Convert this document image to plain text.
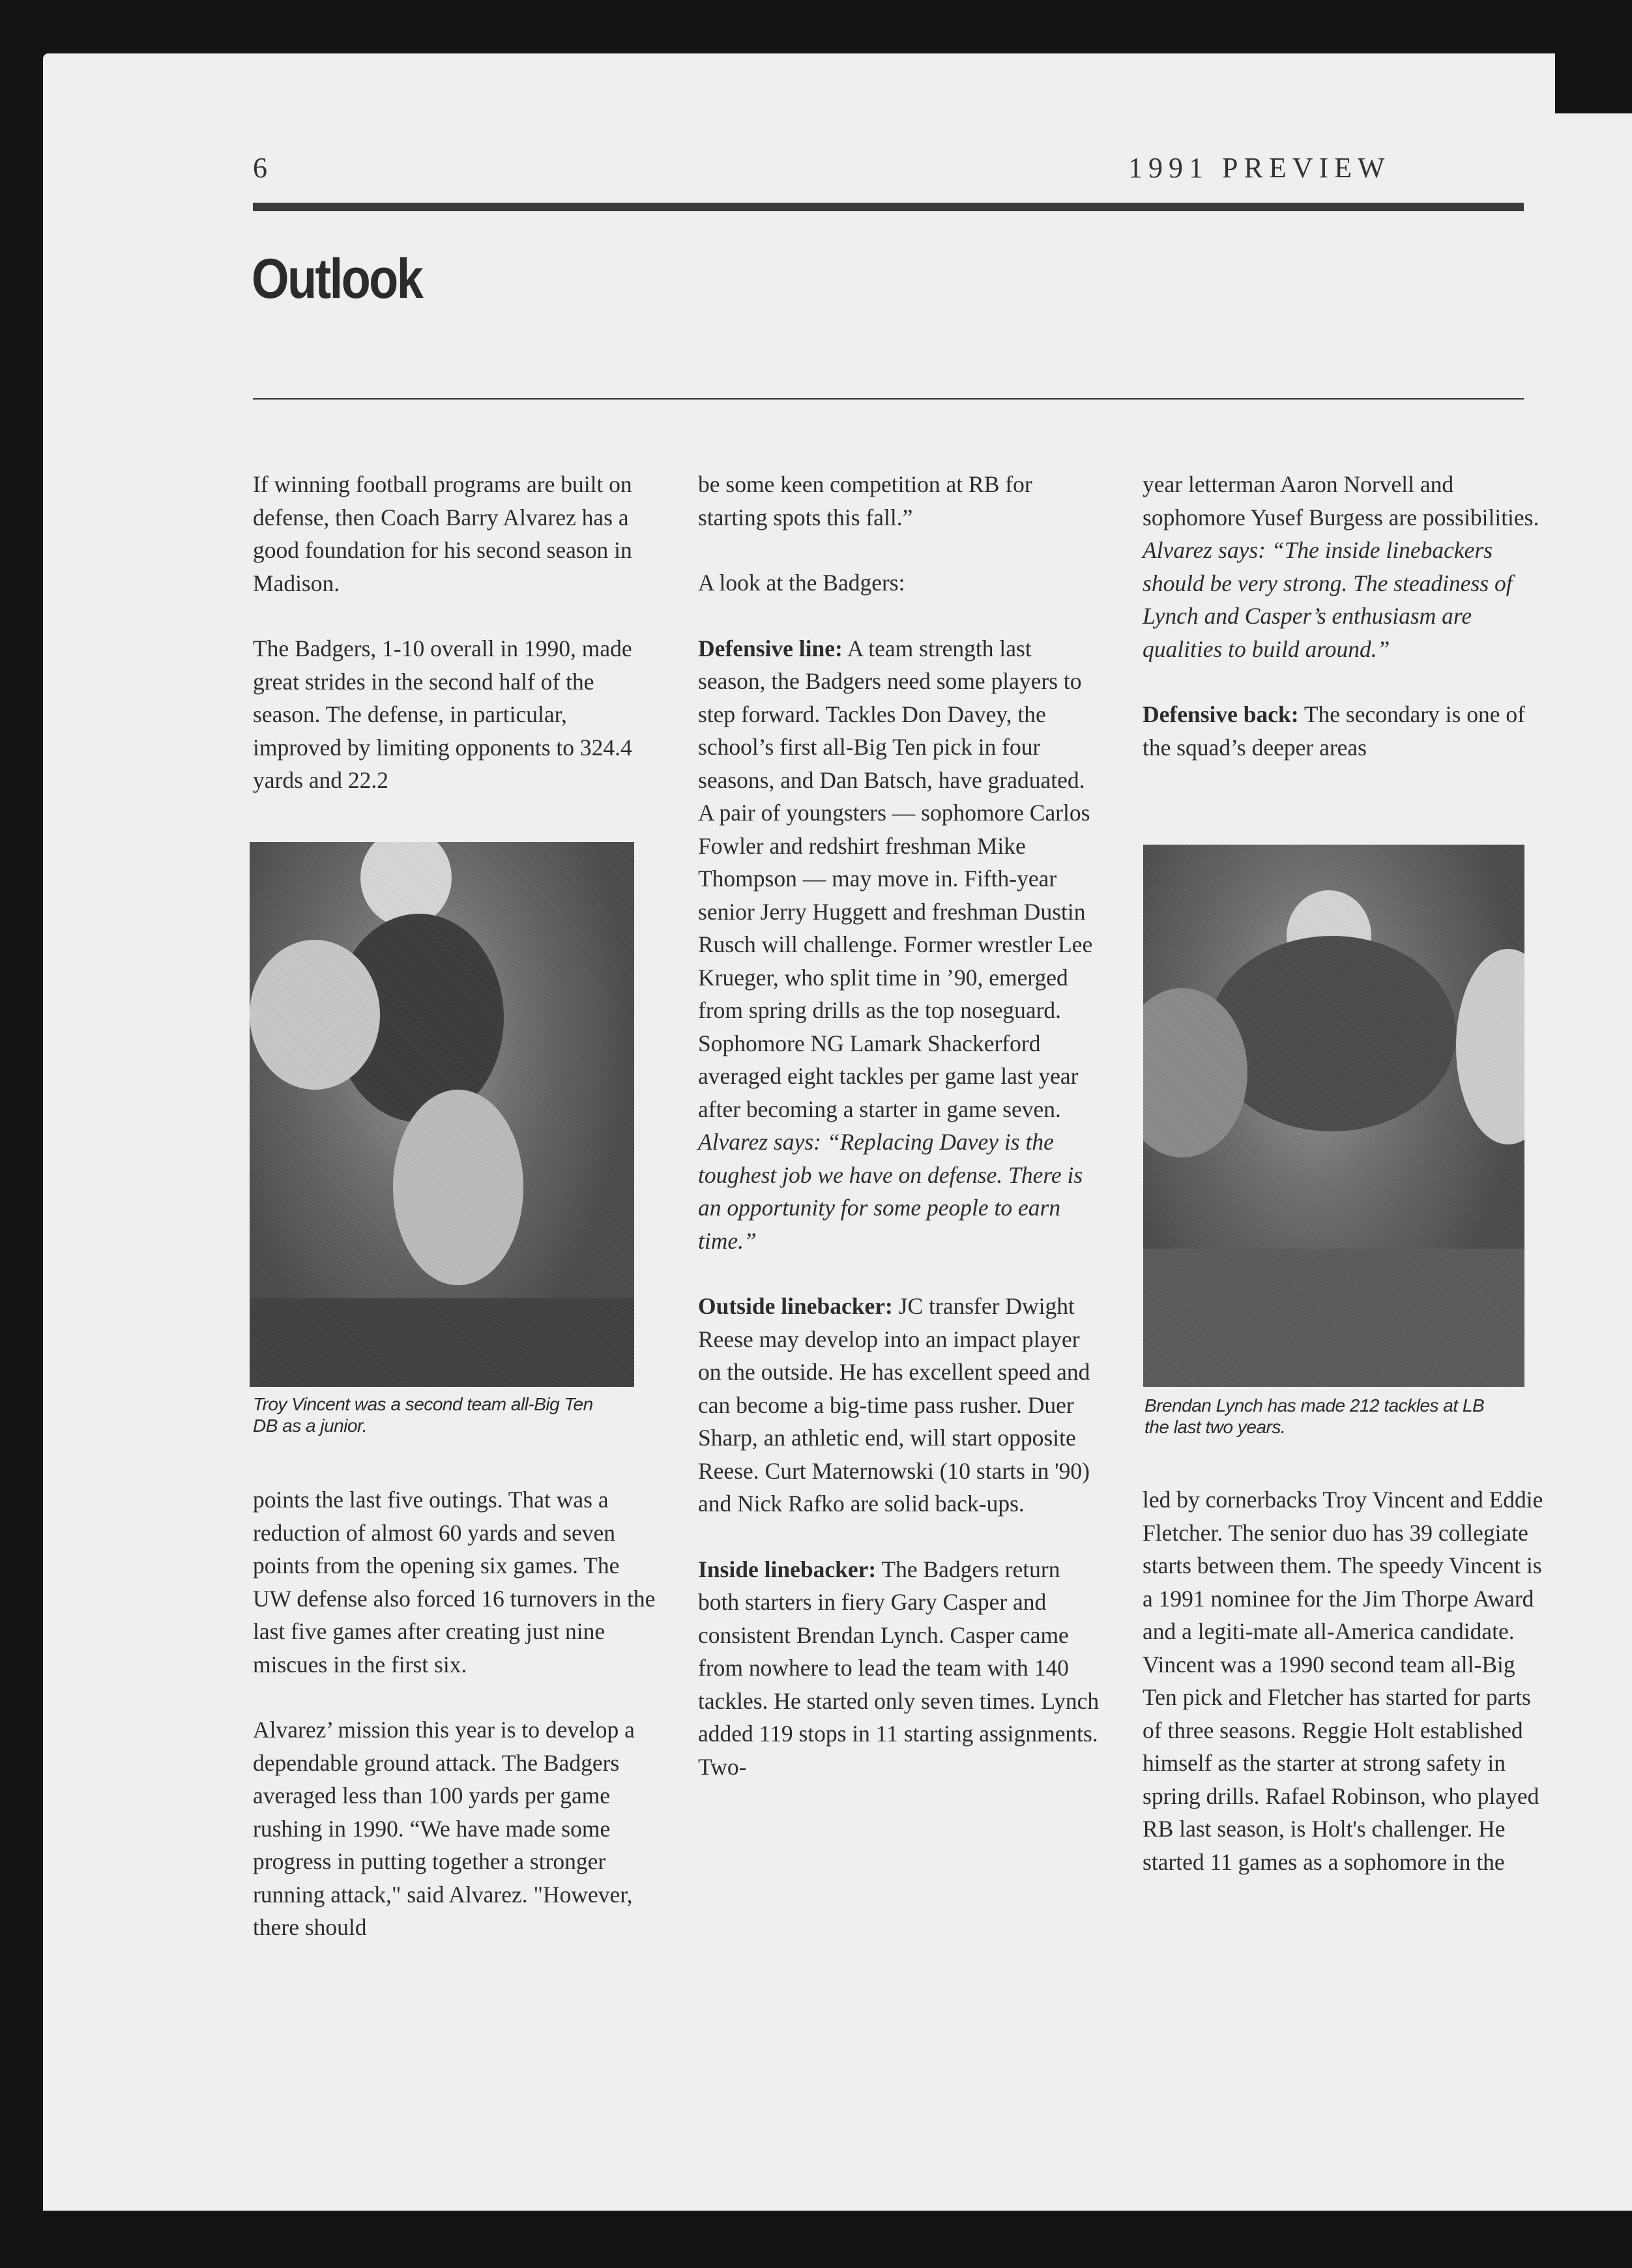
6	1991 PREVIEW
Outlook

If winning football programs are built on defense, then Coach Barry Alvarez has a good foundation for his second season in Madison.

The Badgers, 1-10 overall in 1990, made great strides in the second half of the season. The defense, in particular, improved by limiting opponents to 324.4 yards and 22.2

Troy Vincent was a second team all-Big Ten DB as a junior.

points the last five outings. That was a reduction of almost 60 yards and seven points from the opening six games. The UW defense also forced 16 turnovers in the last five games after creating just nine miscues in the first six.

Alvarez’ mission this year is to develop a dependable ground attack. The Badgers averaged less than 100 yards per game rushing in 1990. “We have made some progress in putting together a stronger running attack," said Alvarez. "However, there should

be some keen competition at RB for starting spots this fall.”

A look at the Badgers:

Defensive line: A team strength last season, the Badgers need some players to step forward. Tackles Don Davey, the school’s first all-Big Ten pick in four seasons, and Dan Batsch, have graduated. A pair of youngsters — sophomore Carlos Fowler and redshirt freshman Mike Thompson — may move in. Fifth-year senior Jerry Huggett and freshman Dustin Rusch will challenge. Former wrestler Lee Krueger, who split time in ’90, emerged from spring drills as the top noseguard. Sophomore NG Lamark Shackerford averaged eight tackles per game last year after becoming a starter in game seven. Alvarez says: “Replacing Davey is the toughest job we have on defense. There is an opportunity for some people to earn time.”

Outside linebacker: JC transfer Dwight Reese may develop into an impact player on the outside. He has excellent speed and can become a big-time pass rusher. Duer Sharp, an athletic end, will start opposite Reese. Curt Maternowski (10 starts in '90) and Nick Rafko are solid back-ups.

Inside linebacker: The Badgers return both starters in fiery Gary Casper and consistent Brendan Lynch. Casper came from nowhere to lead the team with 140 tackles. He started only seven times. Lynch added 119 stops in 11 starting assignments. Two-

year letterman Aaron Norvell and sophomore Yusef Burgess are possibilities. Alvarez says: “The inside linebackers should be very strong. The steadiness of Lynch and Casper’s enthusiasm are qualities to build around.”

Defensive back: The secondary is one of the squad’s deeper areas

Brendan Lynch has made 212 tackles at LB the last two years.

led by cornerbacks Troy Vincent and Eddie Fletcher. The senior duo has 39 collegiate starts between them. The speedy Vincent is a 1991 nominee for the Jim Thorpe Award and a legiti-mate all-America candidate. Vincent was a 1990 second team all-Big Ten pick and Fletcher has started for parts of three seasons. Reggie Holt established himself as the starter at strong safety in spring drills. Rafael Robinson, who played RB last season, is Holt's challenger. He started 11 games as a sophomore in the
